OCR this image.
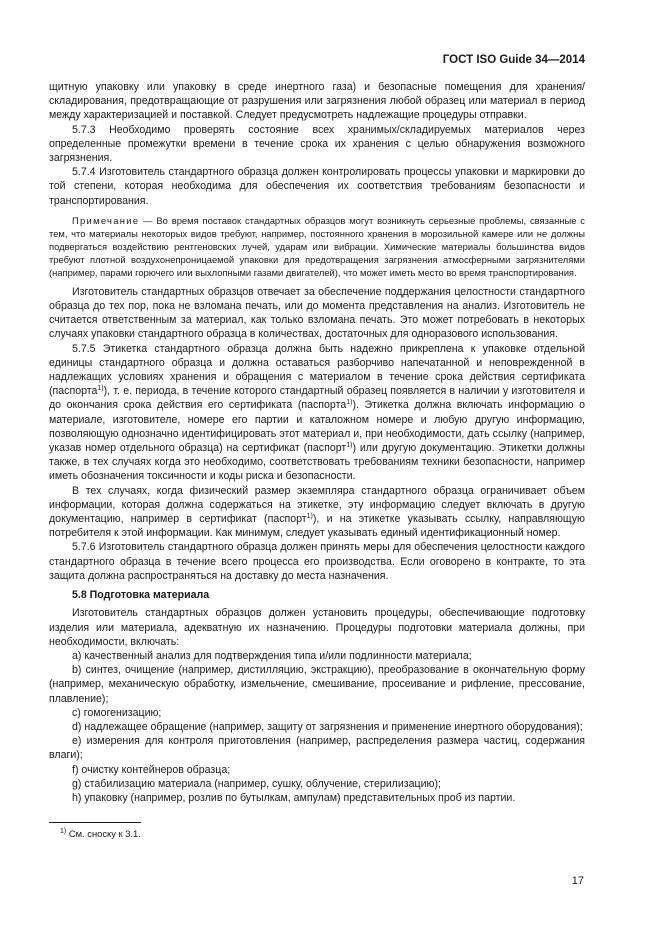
ГОСТ ISO Guide 34—2014

щитную упаковку или упаковку в среде инертного газа) и безопасные помещения для хранения/складирования, предотвращающие от разрушения или загрязнения любой образец или материал в период между характеризацией и поставкой. Следует предусмотреть надлежащие процедуры отправки.

5.7.3 Необходимо проверять состояние всех хранимых/складируемых материалов через определенные промежутки времени в течение срока их хранения с целью обнаружения возможного загрязнения.

5.7.4 Изготовитель стандартного образца должен контролировать процессы упаковки и маркировки до той степени, которая необходима для обеспечения их соответствия требованиям безопасности и транспортирования.

Примечание — Во время поставок стандартных образцов могут возникнуть серьезные проблемы, связанные с тем, что материалы некоторых видов требуют, например, постоянного хранения в морозильной камере или не должны подвергаться воздействию рентгеновских лучей, ударам или вибрации. Химические материалы большинства видов требуют плотной воздухонепроницаемой упаковки для предотвращения загрязнения атмосферными загрязнителями (например, парами горючего или выхлопными газами двигателей), что может иметь место во время транспортирования.

Изготовитель стандартных образцов отвечает за обеспечение поддержания целостности стандартного образца до тех пор, пока не взломана печать, или до момента представления на анализ. Изготовитель не считается ответственным за материал, как только взломана печать. Это может потребовать в некоторых случаях упаковки стандартного образца в количествах, достаточных для одноразового использования.

5.7.5 Этикетка стандартного образца должна быть надежно прикреплена к упаковке отдельной единицы стандартного образца и должна оставаться разборчиво напечатанной и неповрежденной в надлежащих условиях хранения и обращения с материалом в течение срока действия сертификата (паспорта$^{1)}$), т. е. периода, в течение которого стандартный образец появляется в наличии у изготовителя и до окончания срока действия его сертификата (паспорта$^{1)}$). Этикетка должна включать информацию о материале, изготовителе, номере его партии и каталожном номере и любую другую информацию, позволяющую однозначно идентифицировать этот материал и, при необходимости, дать ссылку (например, указав номер отдельного образца) на сертификат (паспорт$^{1)}$) или другую документацию. Этикетки должны также, в тех случаях когда это необходимо, соответствовать требованиям техники безопасности, например иметь обозначения токсичности и коды риска и безопасности.

В тех случаях, когда физический размер экземпляра стандартного образца ограничивает объем информации, которая должна содержаться на этикетке, эту информацию следует включать в другую документацию, например в сертификат (паспорт$^{1)}$), и на этикетке указывать ссылку, направляющую потребителя к этой информации. Как минимум, следует указывать единый идентификационный номер.

5.7.6 Изготовитель стандартного образца должен принять меры для обеспечения целостности каждого стандартного образца в течение всего процесса его производства. Если оговорено в контракте, то эта защита должна распространяться на доставку до места назначения.

5.8 Подготовка материала

Изготовитель стандартных образцов должен установить процедуры, обеспечивающие подготовку изделия или материала, адекватную их назначению. Процедуры подготовки материала должны, при необходимости, включать:

а) качественный анализ для подтверждения типа и/или подлинности материала;

b) синтез, очищение (например, дистилляцию, экстракцию), преобразование в окончательную форму (например, механическую обработку, измельчение, смешивание, просеивание и рифление, прессование, плавление);

c) гомогенизацию;

d) надлежащее обращение (например, защиту от загрязнения и применение инертного оборудования);

e) измерения для контроля приготовления (например, распределения размера частиц, содержания влаги);

f) очистку контейнеров образца;

g) стабилизацию материала (например, сушку, облучение, стерилизацию);

h) упаковку (например, розлив по бутылкам, ампулам) представительных проб из партии.

$^{1)}$ См. сноску к 3.1.
17
